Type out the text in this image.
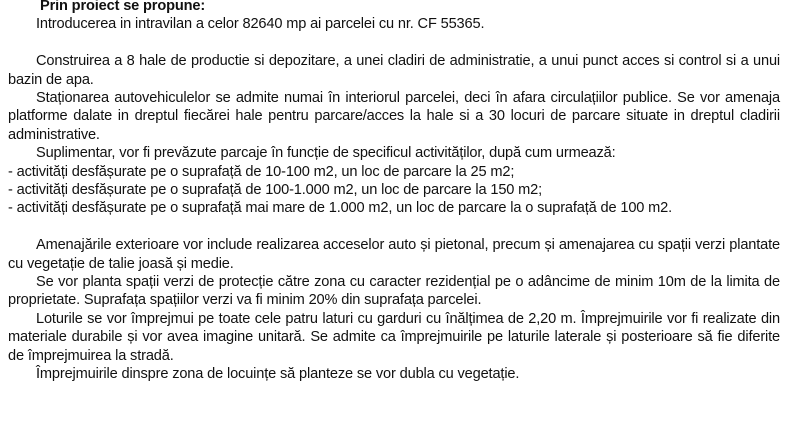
Prin proiect se propune:

Introducerea in intravilan a celor 82640 mp ai parcelei cu nr. CF 55365.

Construirea a 8 hale de productie si depozitare, a unei cladiri de administratie, a unui punct acces si control si a unui bazin de apa.

Staționarea autovehiculelor se admite numai în interiorul parcelei, deci în afara circulațiilor publice. Se vor amenaja platforme dalate in dreptul fiecărei hale pentru parcare/acces la hale si a 30 locuri de parcare situate in dreptul cladirii administrative.

Suplimentar, vor fi prevăzute parcaje în funcție de specificul activităților, după cum urmează:

- activități desfășurate pe o suprafață de 10-100 m2, un loc de parcare la 25 m2;

- activități desfășurate pe o suprafață de 100-1.000 m2, un loc de parcare la 150 m2;

- activități desfășurate pe o suprafață mai mare de 1.000 m2, un loc de parcare la o suprafață de 100 m2.

Amenajările exterioare vor include realizarea acceselor auto și pietonal, precum și amenajarea cu spații verzi plantate cu vegetație de talie joasă și medie.

Se vor planta spații verzi de protecție către zona cu caracter rezidențial pe o adâncime de minim 10m de la limita de proprietate. Suprafața spațiilor verzi va fi minim 20% din suprafața parcelei.

Loturile se vor împrejmui pe toate cele patru laturi cu garduri cu înălțimea de 2,20 m. Împrejmuirile vor fi realizate din materiale durabile și vor avea imagine unitară. Se admite ca împrejmuirile pe laturile laterale și posterioare să fie diferite de împrejmuirea la stradă.

Împrejmuirile dinspre zona de locuințe să planteze se vor dubla cu vegetație.
